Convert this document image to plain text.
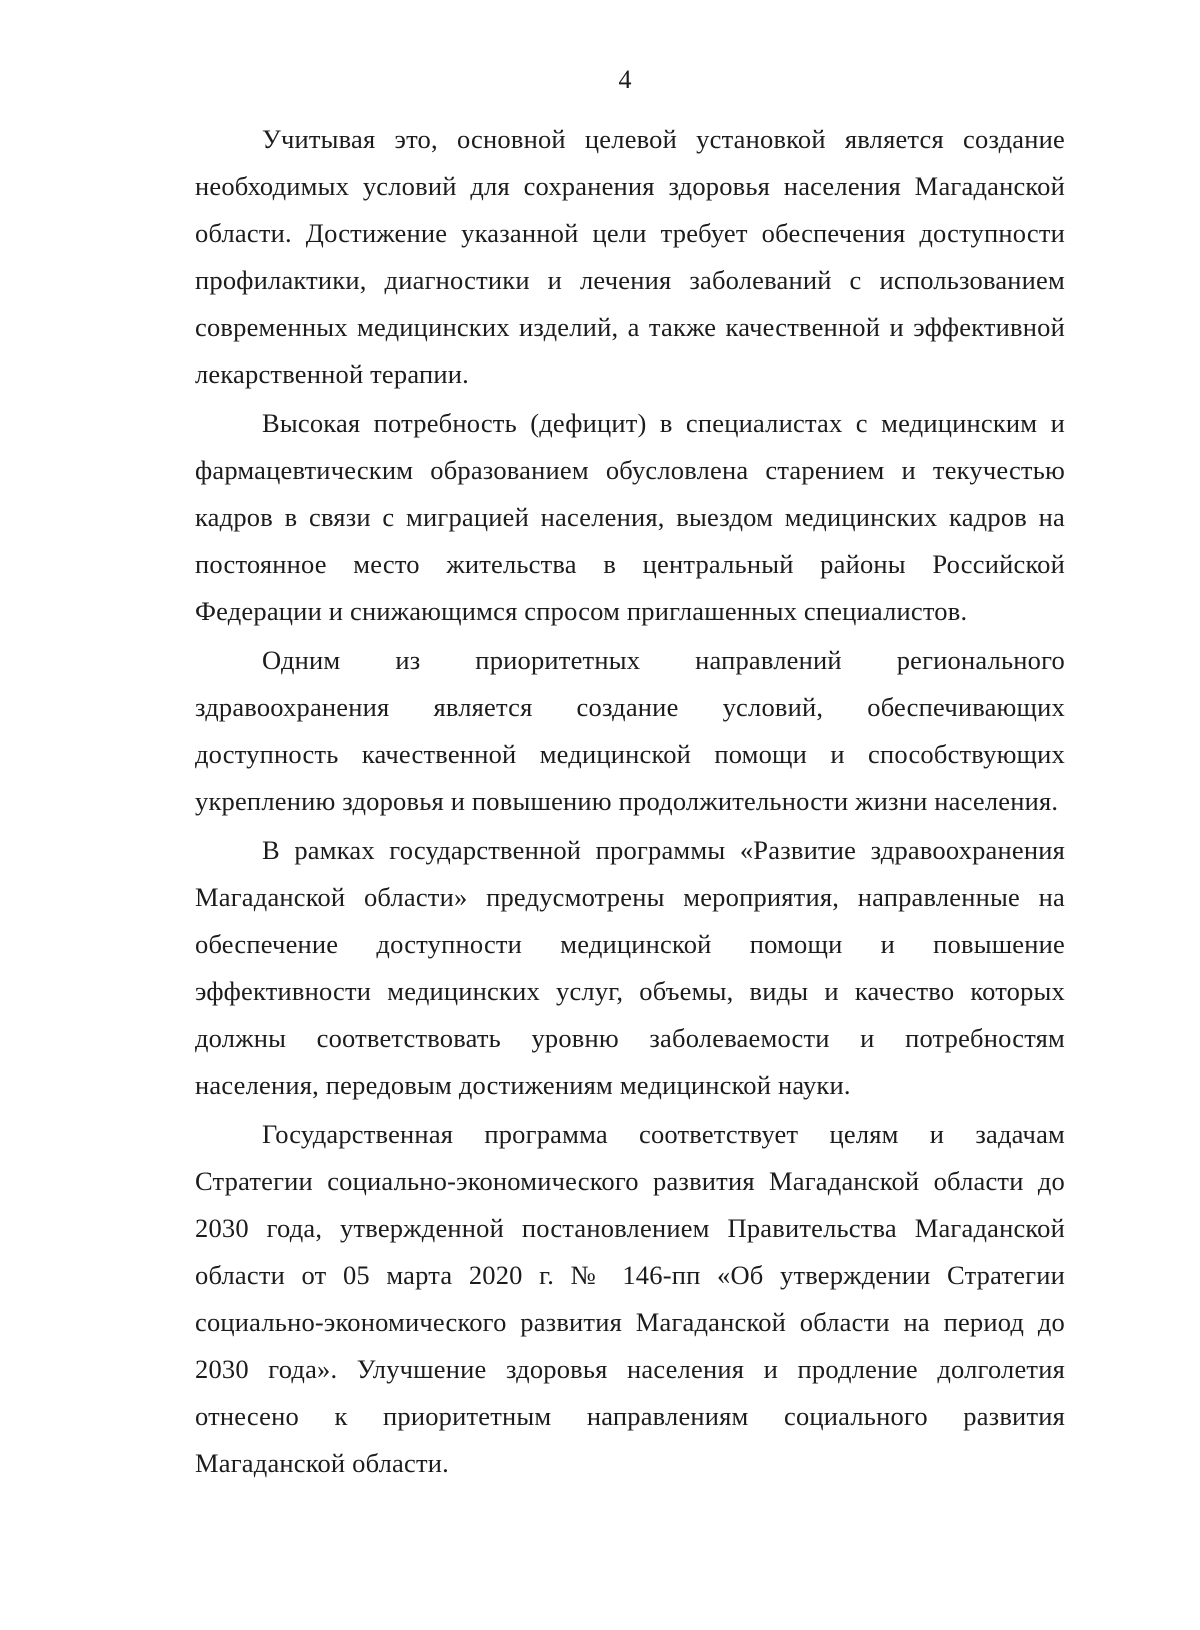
4

Учитывая это, основной целевой установкой является создание необходимых условий для сохранения здоровья населения Магаданской области. Достижение указанной цели требует обеспечения доступности профилактики, диагностики и лечения заболеваний с использованием современных медицинских изделий, а также качественной и эффективной лекарственной терапии.

Высокая потребность (дефицит) в специалистах с медицинским и фармацевтическим образованием обусловлена старением и текучестью кадров в связи с миграцией населения, выездом медицинских кадров на постоянное место жительства в центральный районы Российской Федерации и снижающимся спросом приглашенных специалистов.

Одним из приоритетных направлений регионального здравоохранения является создание условий, обеспечивающих доступность качественной медицинской помощи и способствующих укреплению здоровья и повышению продолжительности жизни населения.

В рамках государственной программы «Развитие здравоохранения Магаданской области» предусмотрены мероприятия, направленные на обеспечение доступности медицинской помощи и повышение эффективности медицинских услуг, объемы, виды и качество которых должны соответствовать уровню заболеваемости и потребностям населения, передовым достижениям медицинской науки.

Государственная программа соответствует целям и задачам Стратегии социально-экономического развития Магаданской области до 2030 года, утвержденной постановлением Правительства Магаданской области от 05 марта 2020 г. № 146-пп «Об утверждении Стратегии социально-экономического развития Магаданской области на период до 2030 года». Улучшение здоровья населения и продление долголетия отнесено к приоритетным направлениям социального развития Магаданской области.
